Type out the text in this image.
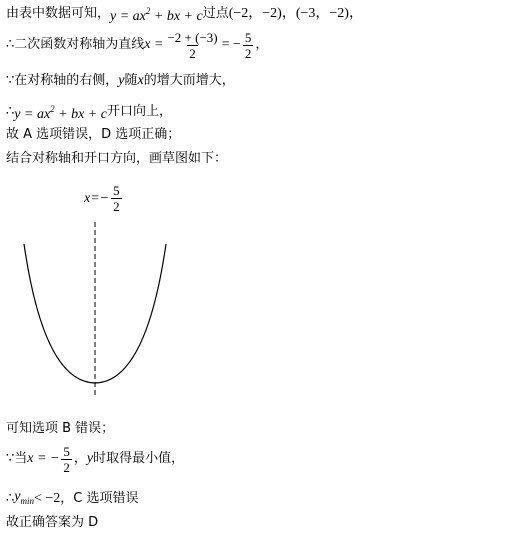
由表中数据可知， $y = ax^2$ + bx + c 过点 (−2，−2)，(−3，−2)，
∴二次函数对称轴为直线 $x = \frac{-2 + (-3)}{2}$ = − $\frac{5}{2}$ ，
∵在对称轴的右侧， y 随 x 的增大而增大，
∴ $y = ax^2$ + bx + c 开口向上，
故 A 选项错误，D 选项正确；
结合对称轴和开口方向，画草图如下：
$x=- \frac{5}{2}$
可知选项 B 错误；
∵当 x = − $\frac{5}{2}$ ， y 时取得最小值，
∴ $y_{min} < -2$ ，C 选项错误
故正确答案为 D
